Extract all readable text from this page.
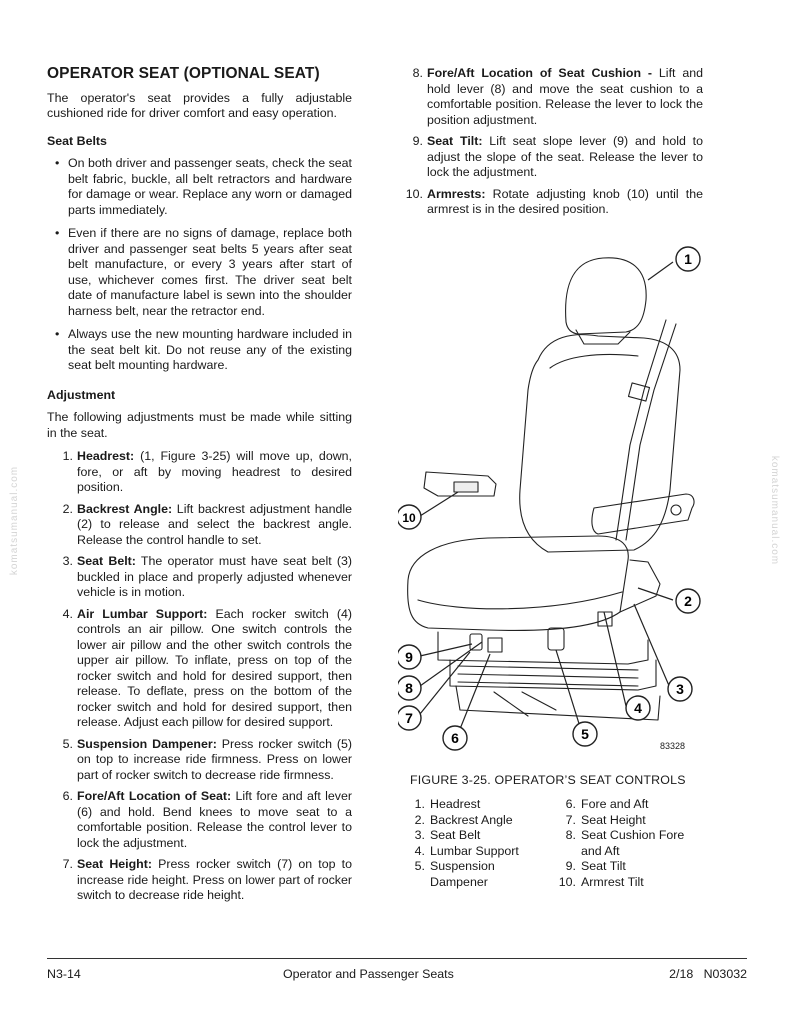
OPERATOR SEAT (OPTIONAL SEAT)

The operator's seat provides a fully adjustable cushioned ride for driver comfort and easy operation.

Seat Belts
• On both driver and passenger seats, check the seat belt fabric, buckle, all belt retractors and hardware for damage or wear. Replace any worn or damaged parts immediately.
• Even if there are no signs of damage, replace both driver and passenger seat belts 5 years after seat belt manufacture, or every 3 years after start of use, whichever comes first. The driver seat belt date of manufacture label is sewn into the shoulder harness belt, near the retractor end.
• Always use the new mounting hardware included in the seat belt kit. Do not reuse any of the existing seat belt mounting hardware.
Adjustment

The following adjustments must be made while sitting in the seat.

1. Headrest: (1, Figure 3-25) will move up, down, fore, or aft by moving headrest to desired position.
2. Backrest Angle: Lift backrest adjustment handle (2) to release and select the backrest angle. Release the control handle to set.
3. Seat Belt: The operator must have seat belt (3) buckled in place and properly adjusted whenever vehicle is in motion.
4. Air Lumbar Support: Each rocker switch (4) controls an air pillow. One switch controls the lower air pillow and the other switch controls the upper air pillow. To inflate, press on top of the rocker switch and hold for desired support, then release. To deflate, press on the bottom of the rocker switch and hold for desired support, then release. Adjust each pillow for desired support.
5. Suspension Dampener: Press rocker switch (5) on top to increase ride firmness. Press on lower part of rocker switch to decrease ride firmness.
6. Fore/Aft Location of Seat: Lift fore and aft lever (6) and hold. Bend knees to move seat to a comfortable position. Release the control lever to lock the adjustment.
7. Seat Height: Press rocker switch (7) on top to increase ride height. Press on lower part of rocker switch to decrease ride height.
8. Fore/Aft Location of Seat Cushion - Lift and hold lever (8) and move the seat cushion to a comfortable position. Release the lever to lock the position adjustment.
9. Seat Tilt: Lift seat slope lever (9) and hold to adjust the slope of the seat. Release the lever to lock the adjustment.
10. Armrests: Rotate adjusting knob (10) until the armrest is in the desired position.
1
2
3
4
5
6
7
8
9
10
83328
FIGURE 3-25. OPERATOR’S SEAT CONTROLS
1. Headrest
2. Backrest Angle
3. Seat Belt
4. Lumbar Support
5. Suspension
Dampener
6. Fore and Aft
7. Seat Height
8. Seat Cushion Fore
and Aft
9. Seat Tilt
10. Armrest Tilt
komatsumanual.com	komatsumanual.com
N3-14	Operator and Passenger Seats	2/18   N03032
